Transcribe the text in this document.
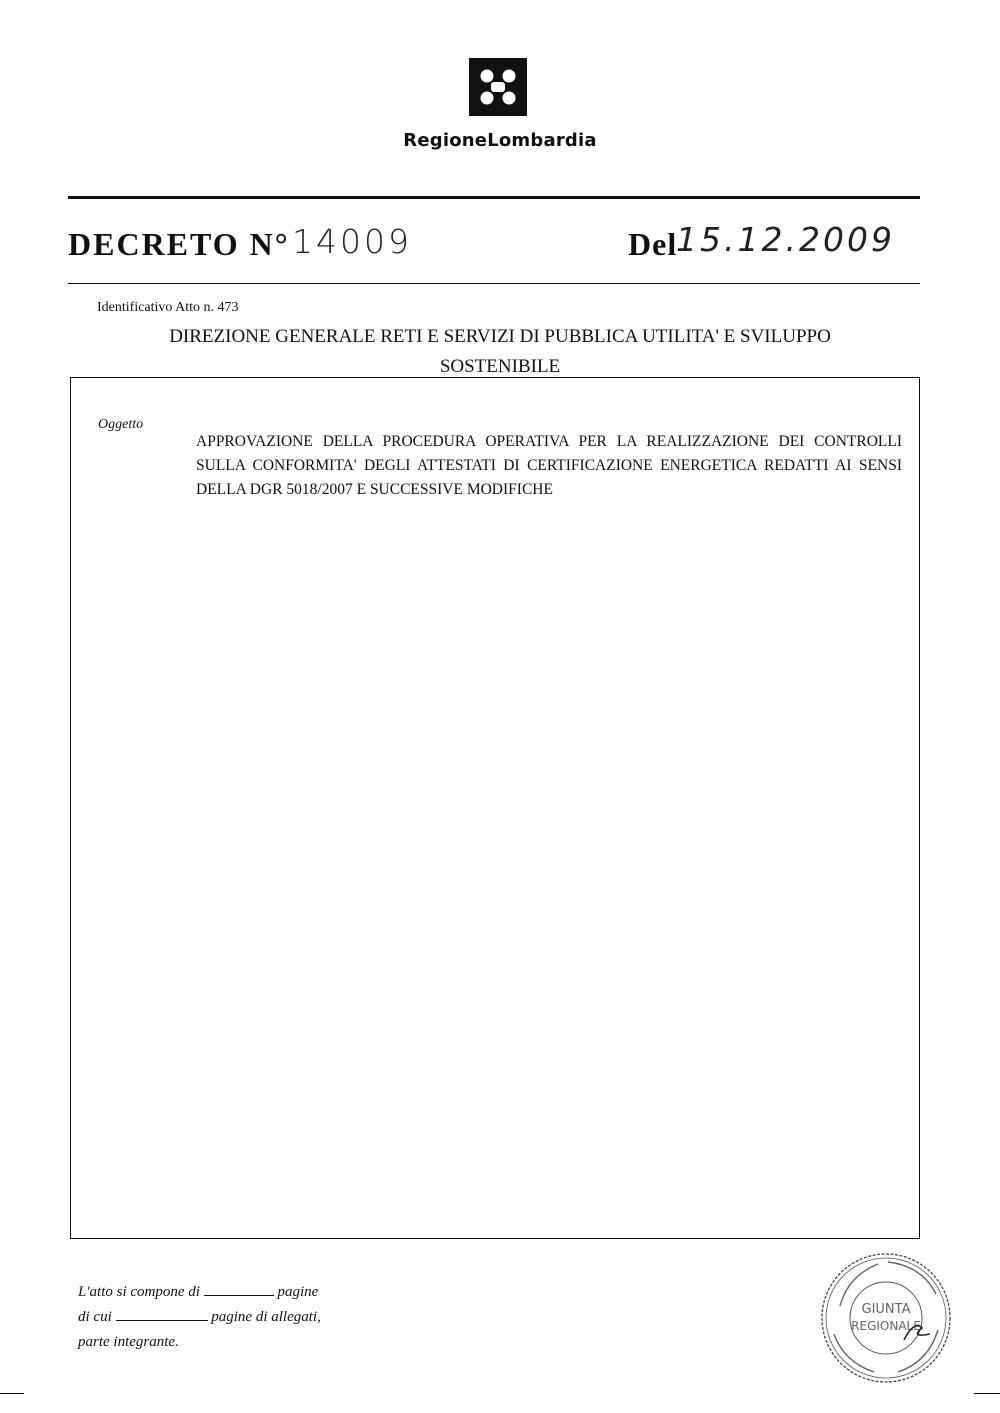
RegioneLombardia
DECRETO N° 14009	Del
15.12.2009
Identificativo Atto n. 473
DIREZIONE GENERALE RETI E SERVIZI DI PUBBLICA UTILITA' E SVILUPPO
SOSTENIBILE
Oggetto
APPROVAZIONE DELLA PROCEDURA OPERATIVA PER LA REALIZZAZIONE DEI CONTROLLI SULLA CONFORMITA' DEGLI ATTESTATI DI CERTIFICAZIONE ENERGETICA REDATTI AI SENSI DELLA DGR 5018/2007 E SUCCESSIVE MODIFICHE
L'atto si compone di	pagine
di cui	pagine di allegati,
parte integrante.
GIUNTA
REGIONALE
